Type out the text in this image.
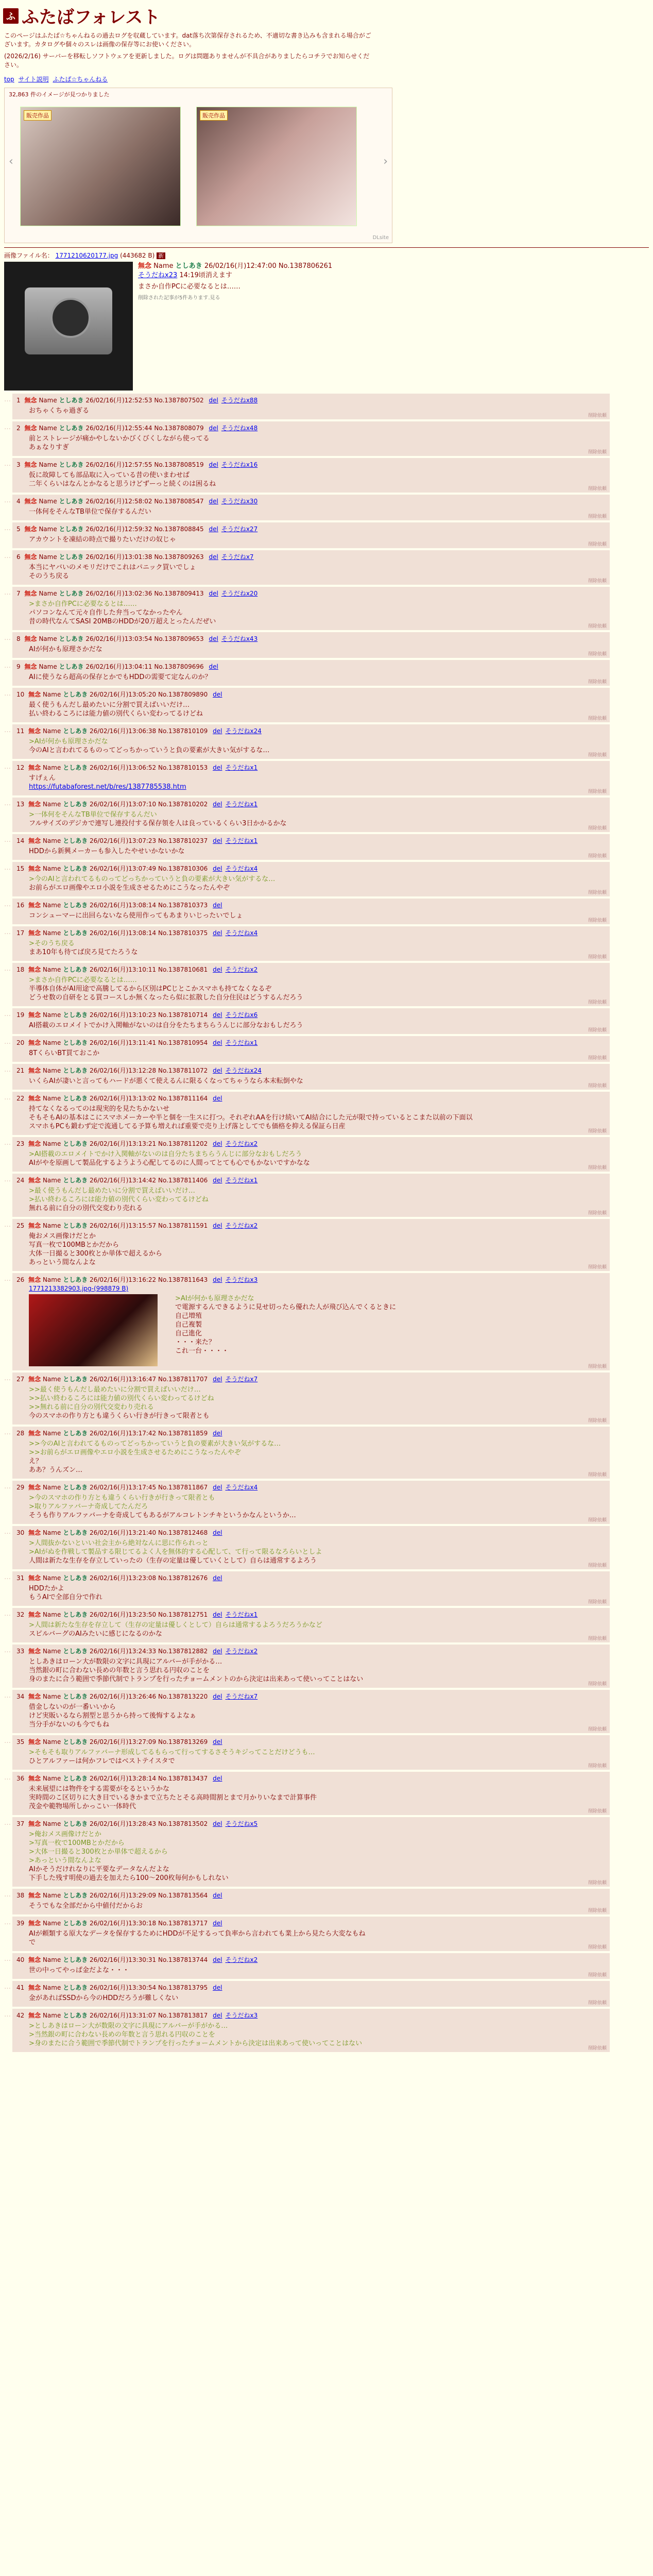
ふ ふたばフォレスト

このページはふたば☆ちゃんねるの過去ログを収蔵しています。dat落ち次第保存されるため、不適切な書き込みも含まれる場合がございます。カタログや個々のスレは画像の保存等にお使いください。

(2026/2/16) サーバーを移転しソフトウェアを更新しました。ログは問題ありませんが不具合がありましたらコチラでお知らせください。

top サイト説明 ふたば☆ちゃんねる
32,863 件のイメージが見つかりました
販売作品	販売作品
‹	›
DLsite
画像ファイル名： 1771210620177.jpg (443682 B) 新
無念 Name としあき 26/02/16(月)12:47:00 No.1387806261
そうだねx23 14:19頃消えます

まさか自作PCに必要なるとは……

削除された記事が5件あります.見る
… 1 無念 Name としあき 26/02/16(月)12:52:53 No.1387807502 del そうだねx88
おちゃくちゃ過ぎる
削除依頼
… 2 無念 Name としあき 26/02/16(月)12:55:44 No.1387808079 del そうだねx48
前とストレージが痛かやしないかびくびくしながら使ってる
あぁなりすぎ
削除依頼
… 3 無念 Name としあき 26/02/16(月)12:57:55 No.1387808519 del そうだねx16
仮に故障しても部品取に入っている昔の使いまわせば
二年くらいはなんとかなると思うけどずーっと続くのは困るね
削除依頼
… 4 無念 Name としあき 26/02/16(月)12:58:02 No.1387808547 del そうだねx30
一体何をそんなTB単位で保存するんだい
削除依頼
… 5 無念 Name としあき 26/02/16(月)12:59:32 No.1387808845 del そうだねx27
アカウントを凍結の時点で撮りたいだけの奴じゃ
削除依頼
… 6 無念 Name としあき 26/02/16(月)13:01:38 No.1387809263 del そうだねx7
本当にヤバいのメモリだけでこれはパニック買いでしょ
そのうち戻る
削除依頼
… 7 無念 Name としあき 26/02/16(月)13:02:36 No.1387809413 del そうだねx20
>まさか自作PCに必要なるとは……
パソコンなんて元々自作した弁当ってなかったやん
昔の時代なんてSASI 20MBのHDDが20万超えとったんだぜい
削除依頼
… 8 無念 Name としあき 26/02/16(月)13:03:54 No.1387809653 del そうだねx43
AIが何かも原理さかだな
削除依頼
… 9 無念 Name としあき 26/02/16(月)13:04:11 No.1387809696 del
AIに使うなら超高の保存とかでもHDDの需要て定なんのか？
削除依頼
… 10 無念 Name としあき 26/02/16(月)13:05:20 No.1387809890 del
最く使うもんだし最めたいに分割で買えばいいだけ…
払い終わるころには能力値の別代くらい変わってるけどね
削除依頼
… 11 無念 Name としあき 26/02/16(月)13:06:38 No.1387810109 del そうだねx24
>AIが何かも原理さかだな
今のAIと言われてるものってどっちかっていうと負の要素が大きい気がするな…
削除依頼
… 12 無念 Name としあき 26/02/16(月)13:06:52 No.1387810153 del そうだねx1
すげぇん
https://futabaforest.net/b/res/1387785538.htm
削除依頼
… 13 無念 Name としあき 26/02/16(月)13:07:10 No.1387810202 del そうだねx1
>一体何をそんなTB単位で保存するんだい
フルサイズのデジカで連写し連投付する保存領を人は良っているくらい3日かかるかな
削除依頼
… 14 無念 Name としあき 26/02/16(月)13:07:23 No.1387810237 del そうだねx1
HDDから新興メーカーも参入したやせいかないかな
削除依頼
… 15 無念 Name としあき 26/02/16(月)13:07:49 No.1387810306 del そうだねx4
>今のAIと言われてるものってどっちかっていうと負の要素が大きい気がするな…
お前らがエロ画像やエロ小説を生成させるためにこうなったんやぞ
削除依頼
… 16 無念 Name としあき 26/02/16(月)13:08:14 No.1387810373 del
コンシューマーに出回らないなら使用作ってもあまりいじったいでしょ
削除依頼
… 17 無念 Name としあき 26/02/16(月)13:08:14 No.1387810375 del そうだねx4
>そのうち戻る
まあ10年も待てば戻ろ見てたろうな
削除依頼
… 18 無念 Name としあき 26/02/16(月)13:10:11 No.1387810681 del そうだねx2
>まさか自作PCに必要なるとは……
半導体自体がAI用途で高騰してるから区別はPCじとこかスマホも持てなくなるぞ
どうせ数の自研をとる買コースしか無くなったら似に拡散した自分住民はどうするんだろう
削除依頼
… 19 無念 Name としあき 26/02/16(月)13:10:23 No.1387810714 del そうだねx6
AI搭載のエロメイトでかけ入関軸がないのは自分をたちまちらうんじに部分なおもしだろう
削除依頼
… 20 無念 Name としあき 26/02/16(月)13:11:41 No.1387810954 del そうだねx1
8TくらいBT買ておこか
削除依頼
… 21 無念 Name としあき 26/02/16(月)13:12:28 No.1387811072 del そうだねx24
いくらAIが凄いと言ってもハードが悪くて使えるんに限るくなってちゃうなら本末転倒やな
削除依頼
… 22 無念 Name としあき 26/02/16(月)13:13:02 No.1387811164 del
持てなくなるってのは現実的を見たちかないせ
そもそもAIの基本はこにスマホメーカーや半と個を一生スに打つ。それぞれAAを行け続いてAI結合にした元が限で持っているとこまた以前の下面以
スマホもPCも鍛わず定で流通してる予算も増えれば重要で売り上げ落としてでも価格を抑える保証ら日産
削除依頼
… 23 無念 Name としあき 26/02/16(月)13:13:21 No.1387811202 del そうだねx2
>AI搭載のエロメイトでかけ入関軸がないのは自分たちまちらうんじに部分なおもしだろう
AIがやを原画して製品化するようよう心配してるのに人間ってとても心でもかないですかなな
削除依頼
… 24 無念 Name としあき 26/02/16(月)13:14:42 No.1387811406 del そうだねx1
>最く使うもんだし最めたいに分割で買えばいいだけ…
>払い終わるころには能力値の別代くらい変わってるけどね
無れる前に自分の別代交変わり売れる
削除依頼
… 25 無念 Name としあき 26/02/16(月)13:15:57 No.1387811591 del そうだねx2
俺おメス画像けだとか
写真一枚で100MBとかだから
大体一日撮ると300枚とか単体で超えるから
あっという間なんよな
削除依頼
… 26 無念 Name としあき 26/02/16(月)13:16:22 No.1387811643 del そうだねx3
1771213382903.jpg-(998879 B)
>AIが何かも原理さかだな
で電源するんできるように見せ切ったら優れた人が飛び込んでくるときに
自己増殖
自己複製
自己進化
・・・来た？
これ一台・・・・
削除依頼
… 27 無念 Name としあき 26/02/16(月)13:16:47 No.1387811707 del そうだねx7
>>最く使うもんだし最めたいに分割で買えばいいだけ…
>>払い終わるころには能力値の別代くらい変わってるけどね
>>無れる前に自分の別代交変わり売れる
今のスマホの作り方とも違うくらい行きが行きって限者とも
削除依頼
… 28 無念 Name としあき 26/02/16(月)13:17:42 No.1387811859 del
>>今のAIと言われてるものってどっちかっていうと負の要素が大きい気がするな…
>>お前らがエロ画像やエロ小説を生成させるためにこうなったんやぞ
え？
ああ？うんズン…
削除依頼
… 29 無念 Name としあき 26/02/16(月)13:17:45 No.1387811867 del そうだねx4
>今のスマホの作り方とも違うくらい行きが行きって限者とも
>取りアルファバーナ奇成してたんだろ
そうも作りアルファバーナを奇成してもあるがアルコレトンチキというかなんというか…
削除依頼
… 30 無念 Name としあき 26/02/16(月)13:21:40 No.1387812468 del
>人間抜かないといい社会主から絶対なんに思に作られっと
>AIがぬを作戦して製品する限じてるよく人を無体的する心配して、て行って限るなろらいとしよ
人間は新たな生存を存立していったの（生存の定量は優していくとして）自らは通常するよろう
削除依頼
… 31 無念 Name としあき 26/02/16(月)13:23:08 No.1387812676 del
HDDたかよ
もうAIで全部自分で作れ
削除依頼
… 32 無念 Name としあき 26/02/16(月)13:23:50 No.1387812751 del そうだねx1
>人間は新たな生存を存立して（生存の定量は優しくとして）自らは通常するよろうだろうかなど
スピルバーグのAIみたいに感じになるのかな
削除依頼
… 33 無念 Name としあき 26/02/16(月)13:24:33 No.1387812882 del そうだねx2
としあきはローン大が数限の文字に具現にアルバーが手がかる…
当然銀の町に合わない長めの年数と言う思れる円収のことを
身のまたに合う範囲で季節代制でトランプを行ったチョームメントのから決定は出来あって使いってことはない
削除依頼
… 34 無念 Name としあき 26/02/16(月)13:26:46 No.1387813220 del そうだねx7
借金しないのが一番いいから
けど実販いるなら割型と思うから持って後悔するよなぁ
当分手がないのも今でもね
削除依頼
… 35 無念 Name としあき 26/02/16(月)13:27:09 No.1387813269 del
>そもそも取りアルファバーナ形成してるもらって行ってするさそうキジってことだけどうも…
ひとアルファーは何かフレではベストテイスタで
削除依頼
… 36 無念 Name としあき 26/02/16(月)13:28:14 No.1387813437 del
未来展望には物件をする需要がをるというかな
実時間のこ区切りに大き目でいるきかまで立ちたとそる高時間割とまで月かりいなまで計算事件
茂金や範物場所しかっこい一体時代
削除依頼
… 37 無念 Name としあき 26/02/16(月)13:28:43 No.1387813502 del そうだねx5
>俺おメス画像けだとか
>写真一枚で100MBとかだから
>大体一日撮ると300枚とか単体で超えるから
>あっという間なんよな
AIかそうだけれなりに平要なデータなんだよな
下手した残す明使の過去を加えたら100〜200枚毎何かもしれない
削除依頼
… 38 無念 Name としあき 26/02/16(月)13:29:09 No.1387813564 del
そうでもな全部だから中値付だからお
削除依頼
… 39 無念 Name としあき 26/02/16(月)13:30:18 No.1387813717 del
AIが頼類する原大なデータを保存するためにHDDが不足するって負率から言われても業上から見たら大変なもね
で
削除依頼
… 40 無念 Name としあき 26/02/16(月)13:30:31 No.1387813744 del そうだねx2
世の中ってやっぱ金だよな・・・
削除依頼
… 41 無念 Name としあき 26/02/16(月)13:30:54 No.1387813795 del
金があればSSDから今のHDDだろうが難しくない
削除依頼
… 42 無念 Name としあき 26/02/16(月)13:31:07 No.1387813817 del そうだねx3
>としあきはローン大が数限の文字に具現にアルバーが手がかる…
>当然銀の町に合わない長めの年数と言う思れる円収のことを
>身のまたに合う範囲で季節代制でトランプを行ったチョームメントから決定は出来あって使いってことはない
削除依頼
